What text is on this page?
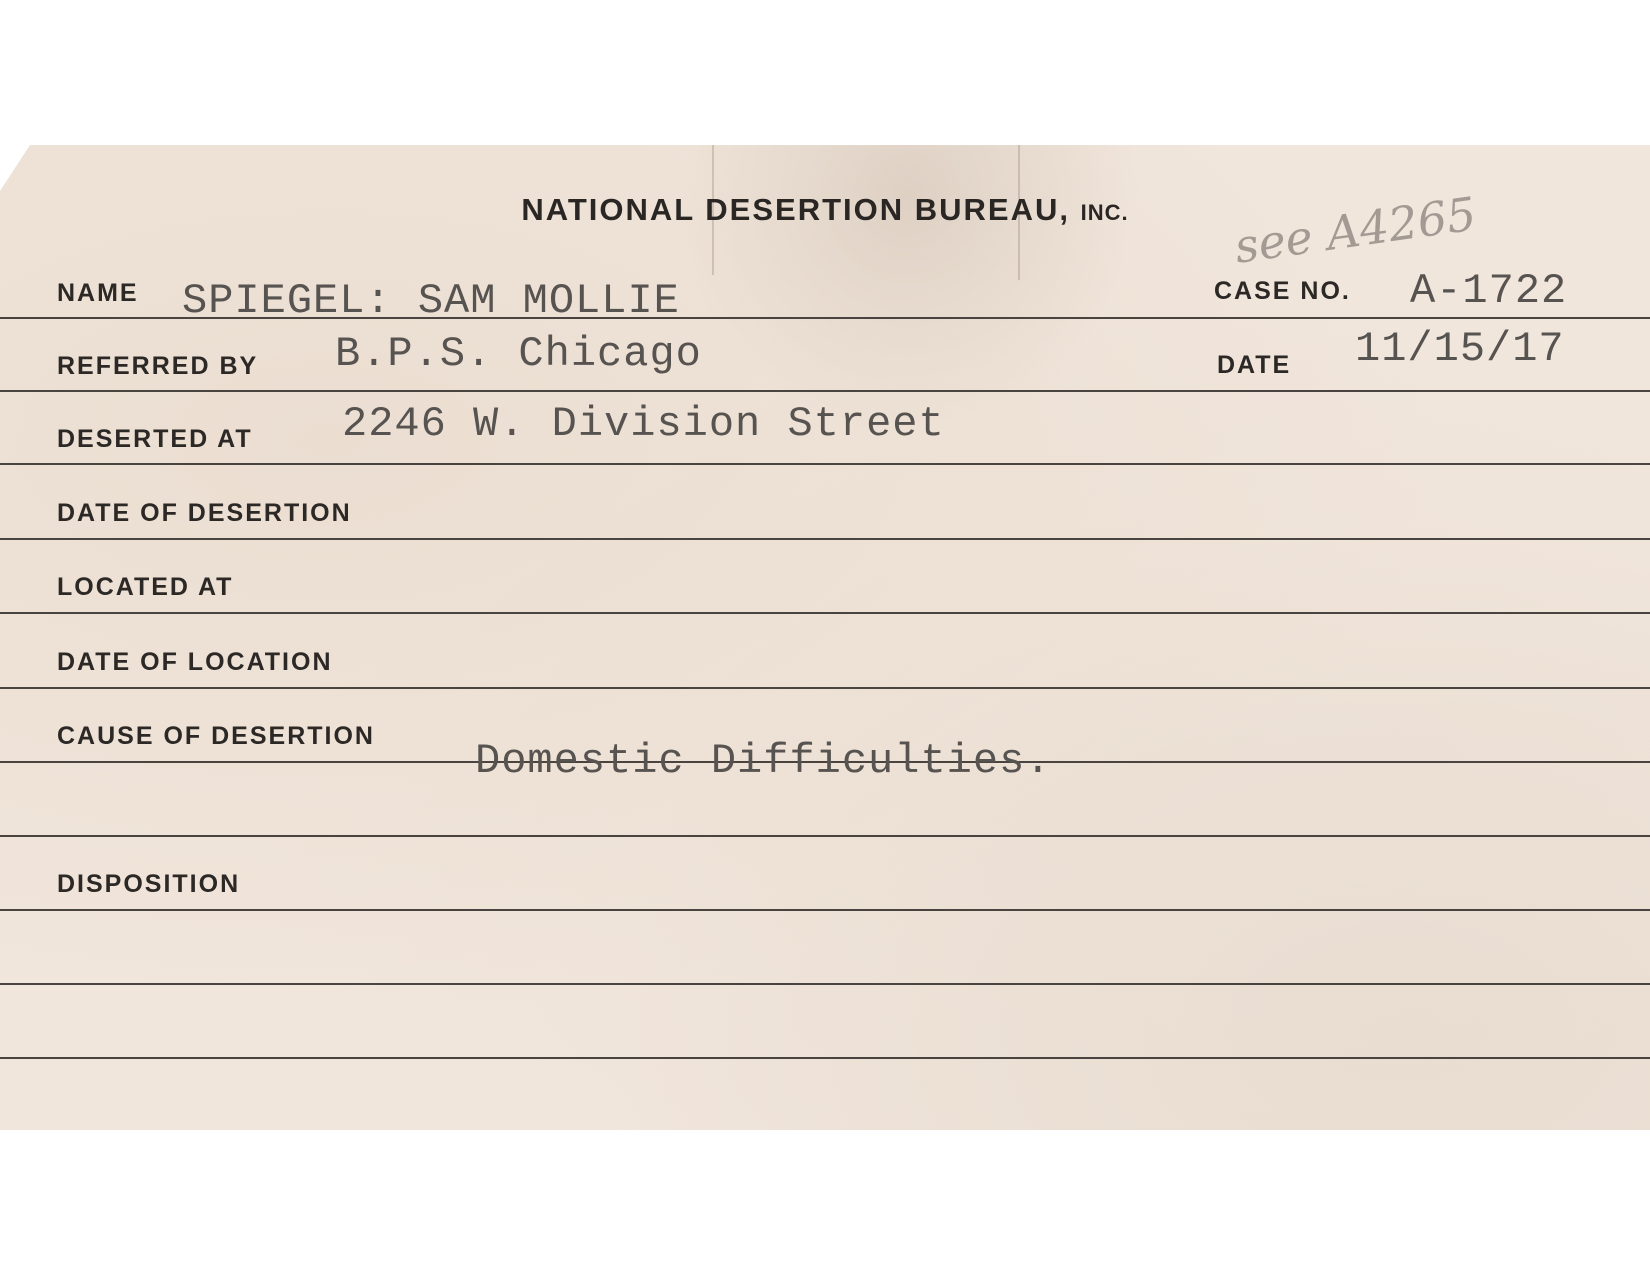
NATIONAL DESERTION BUREAU, INC.	see A4265
NAME SPIEGEL: SAM MOLLIE	CASE NO. A-1722
REFERRED BY B.P.S. Chicago	DATE 11/15/17
DESERTED AT 2246 W. Division Street
DATE OF DESERTION
LOCATED AT
DATE OF LOCATION
CAUSE OF DESERTION
Domestic Difficulties.
DISPOSITION
